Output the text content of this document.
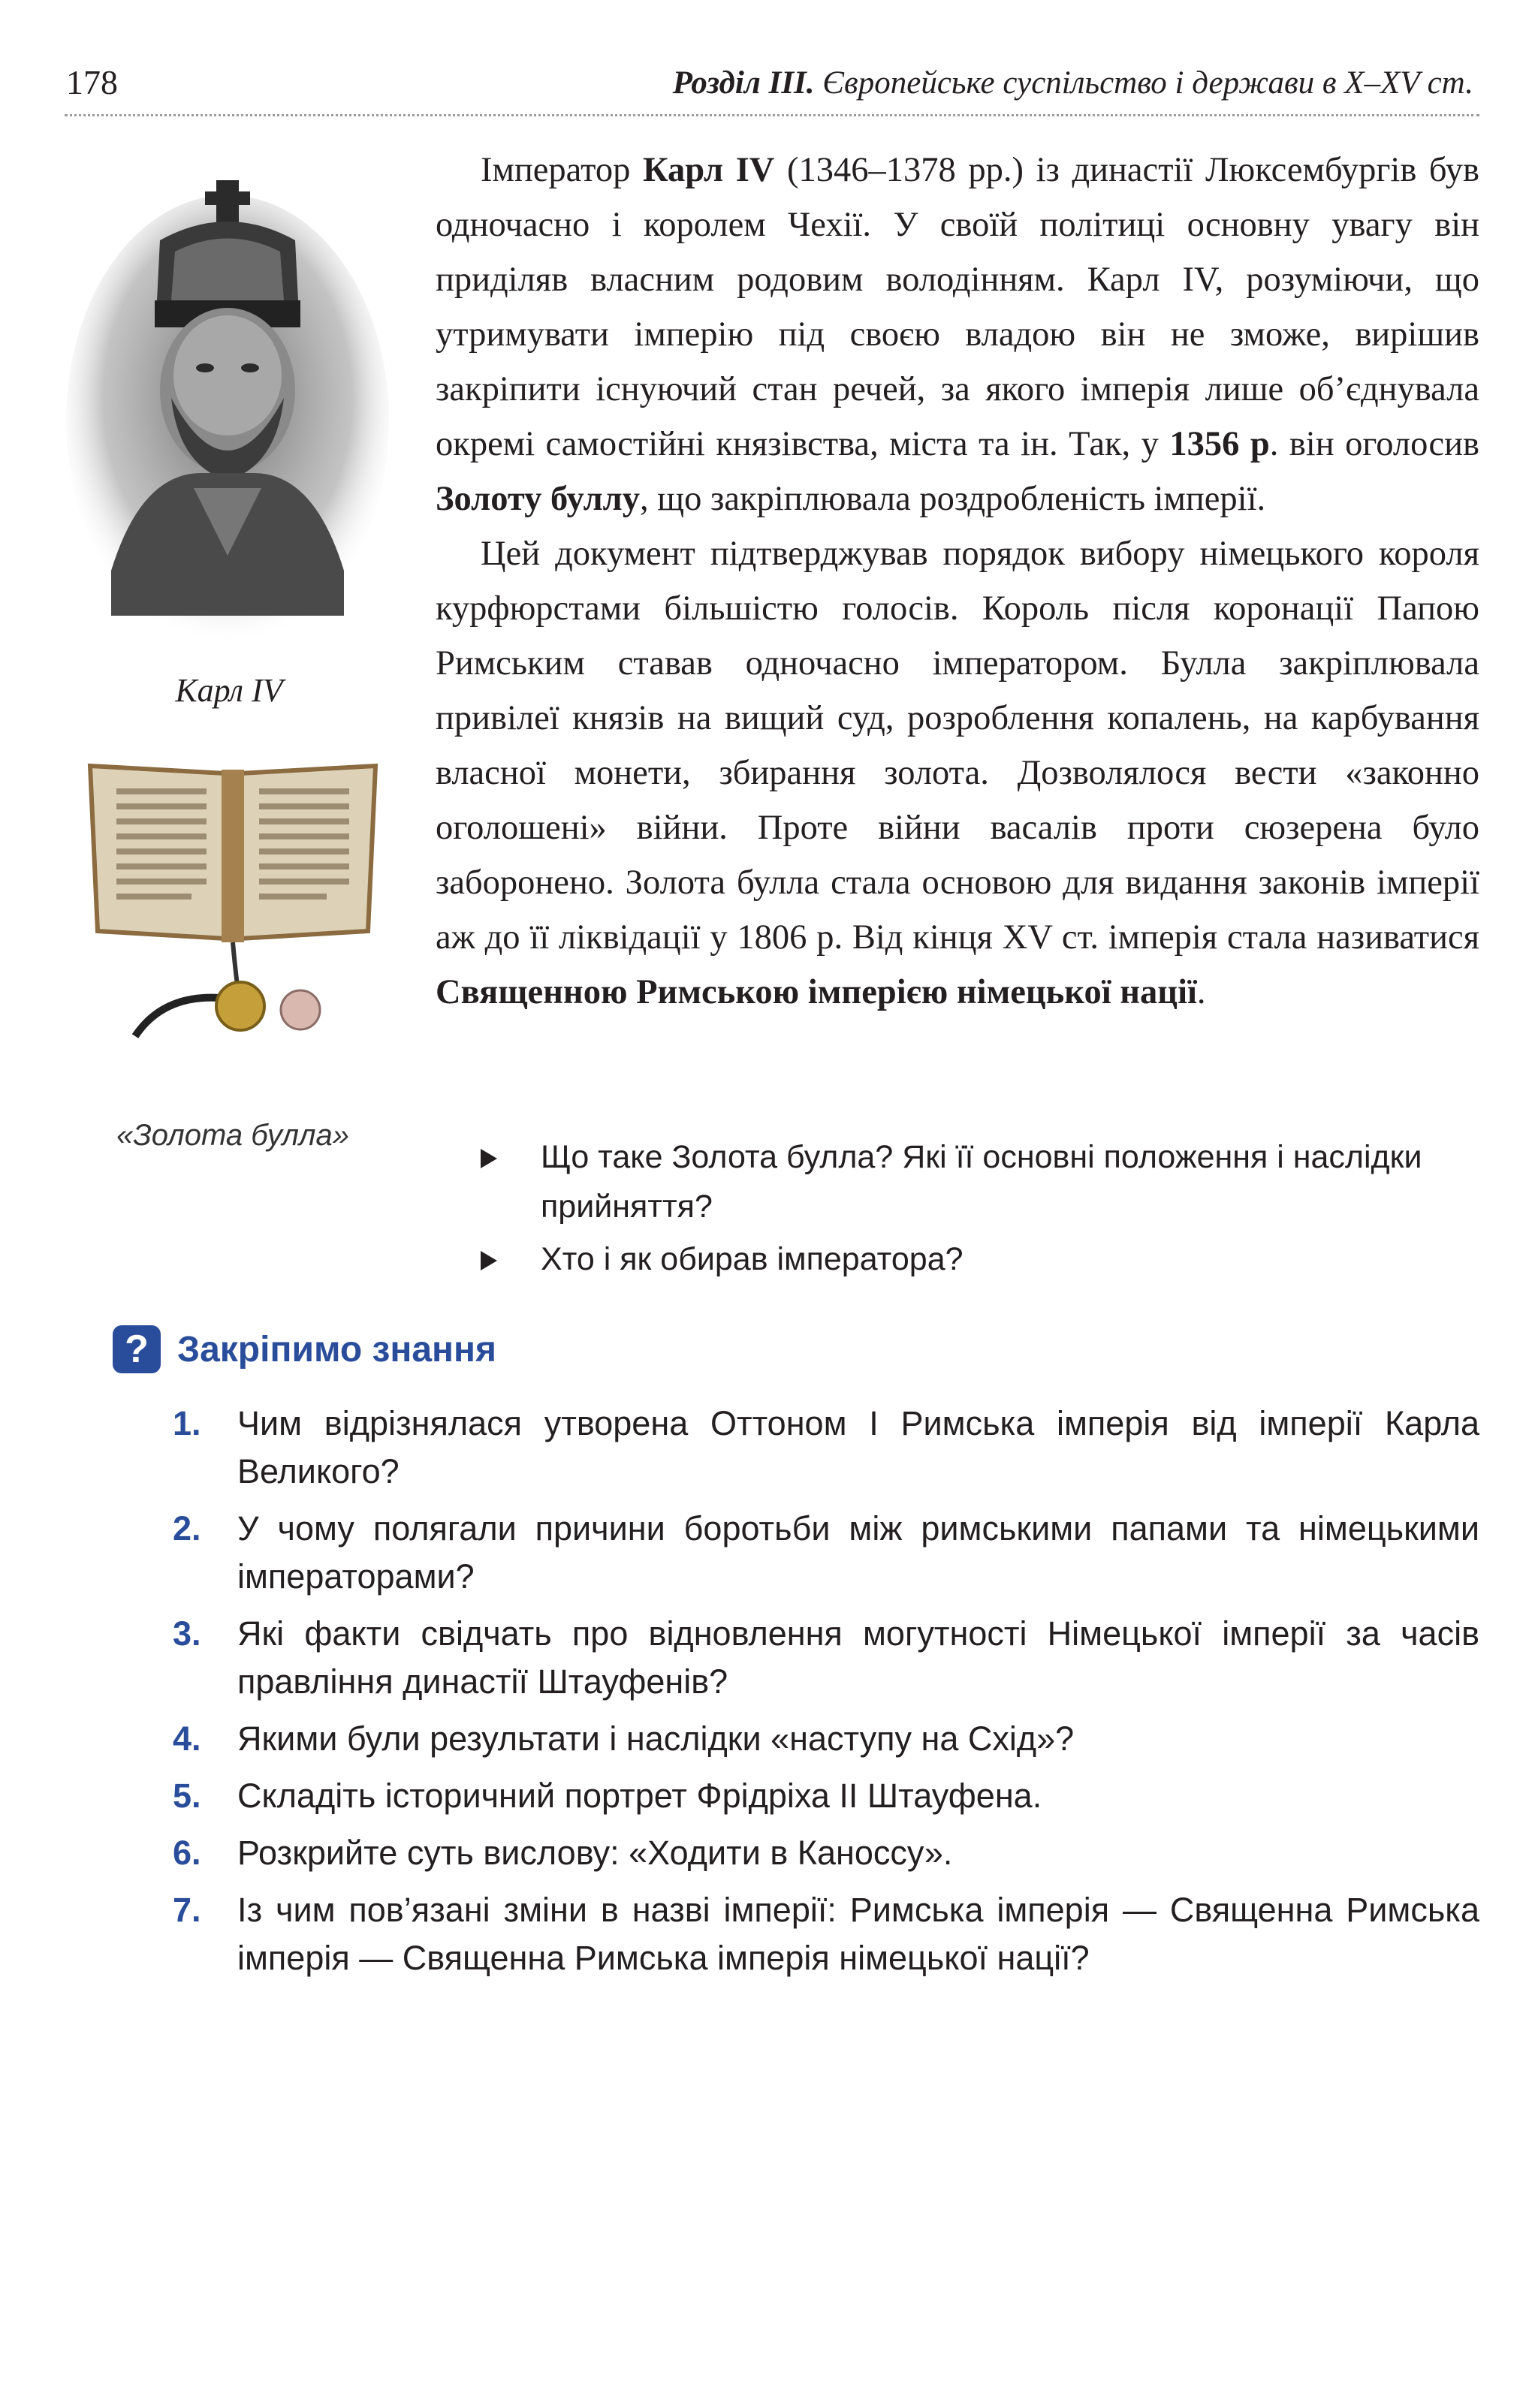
178	Розділ ІІІ. Європейське суспільство і держави в X–XV ст.
Карл IV
«Золота булла»

Імператор Карл IV (1346–1378 рр.) із династії Люксембургів був одночасно і королем Чехії. У своїй політиці основну увагу він приділяв власним родовим володінням. Карл IV, розуміючи, що утримувати імперію під своєю владою він не зможе, вирішив закріпити існуючий стан речей, за якого імперія лише об’єднувала окремі самостійні князівства, міста та ін. Так, у 1356 р. він оголосив Золоту буллу, що закріплювала роздробленість імперії.

Цей документ підтверджував порядок вибору німецького короля курфюрстами більшістю голосів. Король після коронації Папою Римським ставав одночасно імператором. Булла закріплювала привілеї князів на вищий суд, розроблення копалень, на карбування власної монети, збирання золота. Дозволялося вести «законно оголошені» війни. Проте війни васалів проти сюзерена було заборонено. Золота булла стала основою для видання законів імперії аж до її ліквідації у 1806 р. Від кінця XV ст. імперія стала називатися Священною Римською імперією німецької нації.

Що таке Золота булла? Які її основні положення і наслідки прийняття?
Хто і як обирав імператора?
? Закріпимо знання
1. Чим відрізнялася утворена Оттоном I Римська імперія від імперії Карла Великого?
2. У чому полягали причини боротьби між римськими папами та німецькими імператорами?
3. Які факти свідчать про відновлення могутності Німецької імперії за часів правління династії Штауфенів?
4. Якими були результати і наслідки «наступу на Схід»?
5. Складіть історичний портрет Фрідріха II Штауфена.
6. Розкрийте суть вислову: «Ходити в Каноссу».
7. Із чим пов’язані зміни в назві імперії: Римська імперія — Священна Римська імперія — Священна Римська імперія німецької нації?
